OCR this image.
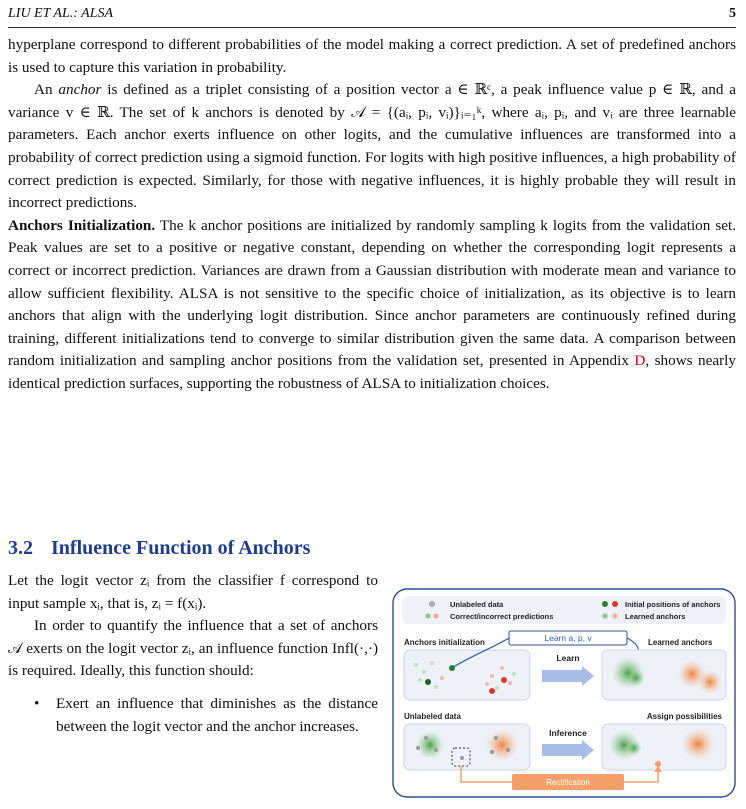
LIU ET AL.: ALSA	5

hyperplane correspond to different probabilities of the model making a correct prediction. A set of predefined anchors is used to capture this variation in probability.

An anchor is defined as a triplet consisting of a position vector a ∈ ℝᶜ, a peak influence value p ∈ ℝ, and a variance v ∈ ℝ. The set of k anchors is denoted by 𝒜 = {(aᵢ, pᵢ, vᵢ)}ᵢ₌₁ᵏ, where aᵢ, pᵢ, and vᵢ are three learnable parameters. Each anchor exerts influence on other logits, and the cumulative influences are transformed into a probability of correct prediction using a sigmoid function. For logits with high positive influences, a high probability of correct prediction is expected. Similarly, for those with negative influences, it is highly probable they will result in incorrect predictions.

Anchors Initialization. The k anchor positions are initialized by randomly sampling k logits from the validation set. Peak values are set to a positive or negative constant, depending on whether the corresponding logit represents a correct or incorrect prediction. Variances are drawn from a Gaussian distribution with moderate mean and variance to allow sufficient flexibility. ALSA is not sensitive to the specific choice of initialization, as its objective is to learn anchors that align with the underlying logit distribution. Since anchor parameters are continuously refined during training, different initializations tend to converge to similar distribution given the same data. A comparison between random initialization and sampling anchor positions from the validation set, presented in Appendix D, shows nearly identical prediction surfaces, supporting the robustness of ALSA to initialization choices.

3.2 Influence Function of Anchors

Let the logit vector zᵢ from the classifier f correspond to input sample xᵢ, that is, zᵢ = f(xᵢ).

In order to quantify the influence that a set of anchors 𝒜 exerts on the logit vector zᵢ, an influence function Infl(·,·) is required. Ideally, this function should:

• Exert an influence that diminishes as the distance between the logit vector and the anchor increases.

Unlabeled data
Correct/incorrect predictions
Initial positions of anchors
Learned anchors
Anchors initialization	Learn a, p, v	Learned anchors
Learn
Unlabeled data	Assign possibilities
Inference
Rectification
